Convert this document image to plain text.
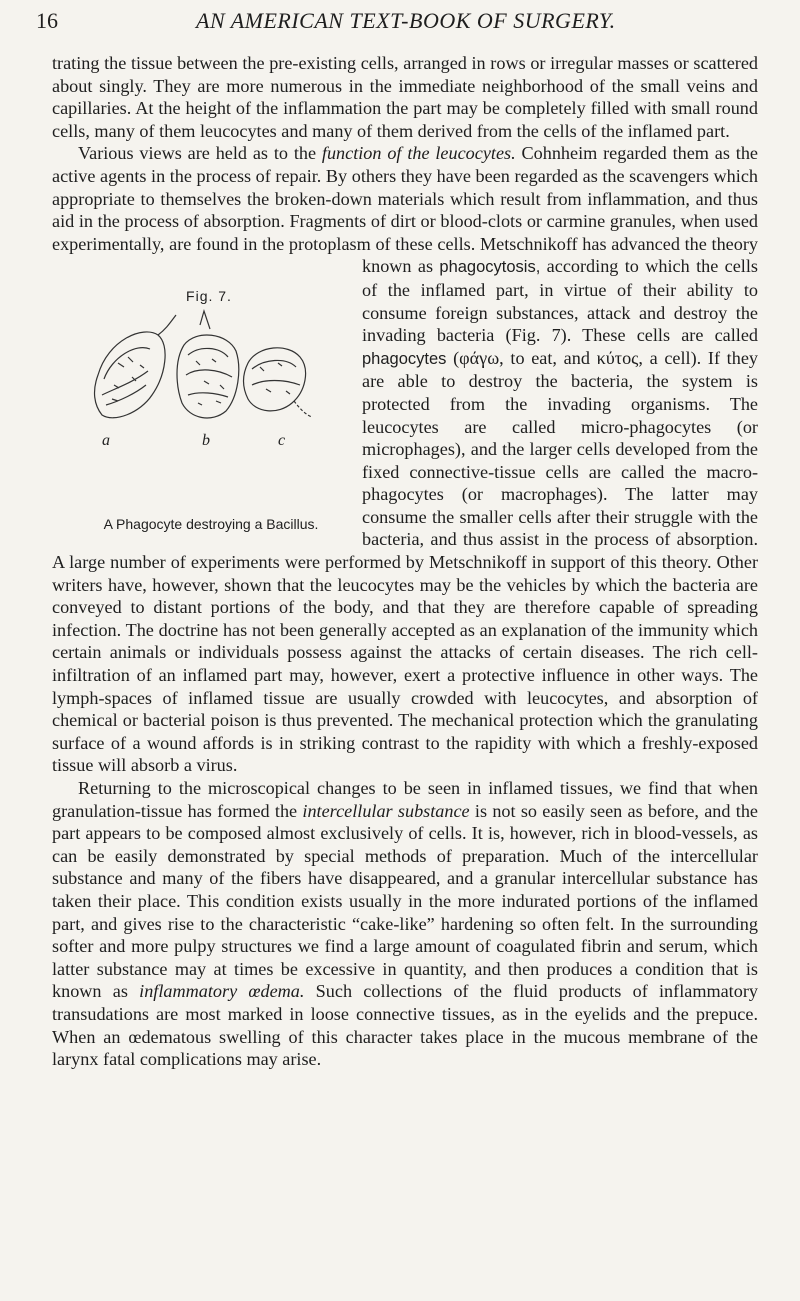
16	AN AMERICAN TEXT-BOOK OF SURGERY.

trating the tissue between the pre-existing cells, arranged in rows or irregular masses or scattered about singly. They are more numerous in the immediate neighborhood of the small veins and capillaries. At the height of the inflammation the part may be completely filled with small round cells, many of them leucocytes and many of them derived from the cells of the inflamed part.

Various views are held as to the function of the leucocytes. Cohnheim regarded them as the active agents in the process of repair. By others they have been regarded as the scavengers which appropriate to themselves the broken-down materials which result from inflammation, and thus aid in the process of absorption. Fragments of dirt or blood-clots or carmine granules, when used experimentally, are found in the protoplasm of these cells. Metschnikoff has advanced the theory known as
Fig. 7.
a	b	c
A Phagocyte destroying a Bacillus.
phagocytosis, according to which the cells of the inflamed part, in virtue of their ability to consume foreign substances, attack and destroy the invading bacteria (Fig. 7). These cells are called phagocytes (φάγω, to eat, and κύτος, a cell). If they are able to destroy the bacteria, the system is protected from the invading organisms. The leucocytes are called micro-phagocytes (or microphages), and the larger cells developed from the fixed connective-tissue cells are called the macro-phagocytes (or macrophages). The latter may consume the smaller cells after their struggle with the bacteria, and thus assist in the process of absorption. A large number of experiments were performed by Metschnikoff in support of this theory. Other writers have, however, shown that the leucocytes may be the vehicles by which the bacteria are conveyed to distant portions of the body, and that they are therefore capable of spreading infection. The doctrine has not been generally accepted as an explanation of the immunity which certain animals or individuals possess against the attacks of certain diseases. The rich cell-infiltration of an inflamed part may, however, exert a protective influence in other ways. The lymph-spaces of inflamed tissue are usually crowded with leucocytes, and absorption of chemical or bacterial poison is thus prevented. The mechanical protection which the granulating surface of a wound affords is in striking contrast to the rapidity with which a freshly-exposed tissue will absorb a virus.

Returning to the microscopical changes to be seen in inflamed tissues, we find that when granulation-tissue has formed the intercellular substance is not so easily seen as before, and the part appears to be composed almost exclusively of cells. It is, however, rich in blood-vessels, as can be easily demonstrated by special methods of preparation. Much of the intercellular substance and many of the fibers have disappeared, and a granular intercellular substance has taken their place. This condition exists usually in the more indurated portions of the inflamed part, and gives rise to the characteristic “cake-like” hardening so often felt. In the surrounding softer and more pulpy structures we find a large amount of coagulated fibrin and serum, which latter substance may at times be excessive in quantity, and then produces a condition that is known as inflammatory œdema. Such collections of the fluid products of inflammatory transudations are most marked in loose connective tissues, as in the eyelids and the prepuce. When an œdematous swelling of this character takes place in the mucous membrane of the larynx fatal complications may arise.
